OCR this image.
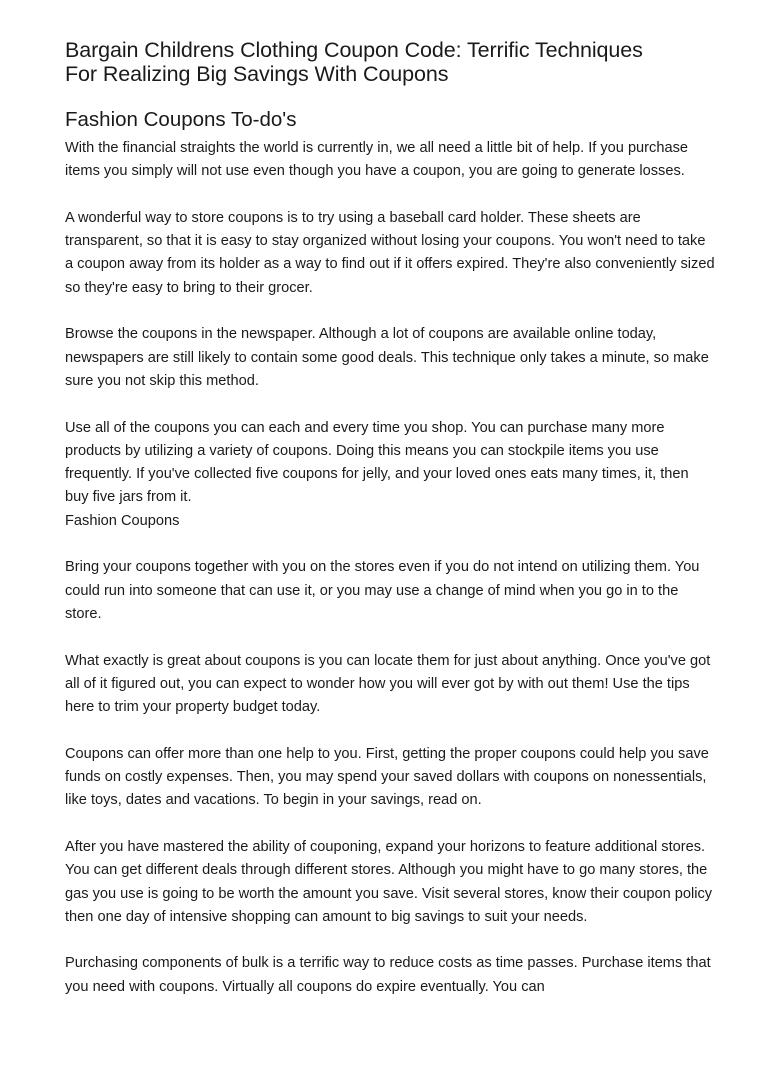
Bargain Childrens Clothing Coupon Code: Terrific Techniques
For Realizing Big Savings With Coupons
Fashion Coupons To-do's

With the financial straights the world is currently in, we all need a little bit of help. If you purchase items you simply will not use even though you have a coupon, you are going to generate losses.

A wonderful way to store coupons is to try using a baseball card holder. These sheets are transparent, so that it is easy to stay organized without losing your coupons. You won't need to take a coupon away from its holder as a way to find out if it offers expired. They're also conveniently sized so they're easy to bring to their grocer.

Browse the coupons in the newspaper. Although a lot of coupons are available online today, newspapers are still likely to contain some good deals. This technique only takes a minute, so make sure you not skip this method.

Use all of the coupons you can each and every time you shop. You can purchase many more products by utilizing a variety of coupons. Doing this means you can stockpile items you use frequently. If you've collected five coupons for jelly, and your loved ones eats many times, it, then buy five jars from it.

Fashion Coupons

Bring your coupons together with you on the stores even if you do not intend on utilizing them. You could run into someone that can use it, or you may use a change of mind when you go in to the store.

What exactly is great about coupons is you can locate them for just about anything. Once you've got all of it figured out, you can expect to wonder how you will ever got by with out them! Use the tips here to trim your property budget today.

Coupons can offer more than one help to you. First, getting the proper coupons could help you save funds on costly expenses. Then, you may spend your saved dollars with coupons on nonessentials, like toys, dates and vacations. To begin in your savings, read on.

After you have mastered the ability of couponing, expand your horizons to feature additional stores. You can get different deals through different stores. Although you might have to go many stores, the gas you use is going to be worth the amount you save. Visit several stores, know their coupon policy then one day of intensive shopping can amount to big savings to suit your needs.

Purchasing components of bulk is a terrific way to reduce costs as time passes. Purchase items that you need with coupons. Virtually all coupons do expire eventually. You can
